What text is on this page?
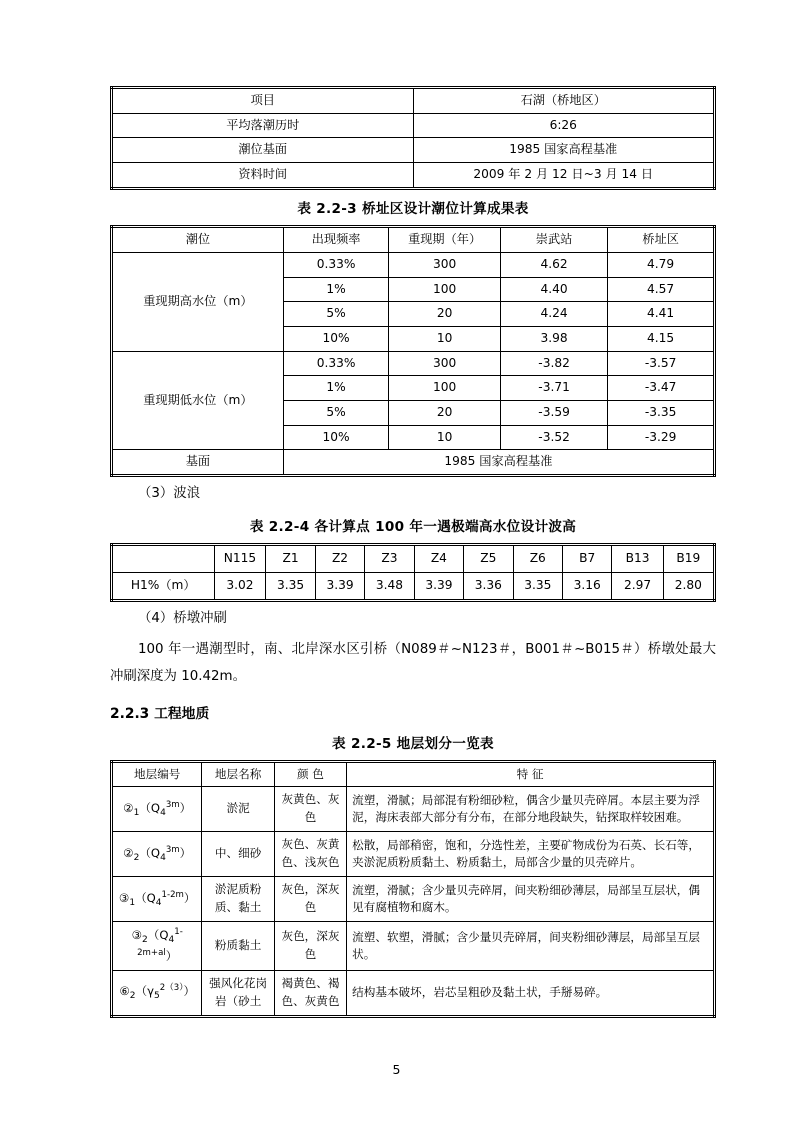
项目	石湖（桥地区）
平均落潮历时	6:26
潮位基面	1985 国家高程基准
资料时间	2009 年 2 月 12 日~3 月 14 日
表 2.2-3 桥址区设计潮位计算成果表
潮位	出现频率	重现期（年）	崇武站	桥址区
重现期高水位（m）	0.33%	300	4.62	4.79
	1%	100	4.40	4.57
	5%	20	4.24	4.41
	10%	10	3.98	4.15
重现期低水位（m）	0.33%	300	-3.82	-3.57
	1%	100	-3.71	-3.47
	5%	20	-3.59	-3.35
	10%	10	-3.52	-3.29
基面	1985 国家高程基准			
（3）波浪
表 2.2-4 各计算点 100 年一遇极端高水位设计波高
	N115	Z1	Z2	Z3	Z4	Z5	Z6	B7	B13	B19
H1%（m）	3.02	3.35	3.39	3.48	3.39	3.36	3.35	3.16	2.97	2.80
（4）桥墩冲刷
100 年一遇潮型时，南、北岸深水区引桥（N089＃~N123＃，B001＃~B015＃）桥墩处最大冲刷深度为 10.42m。
2.2.3 工程地质
表 2.2-5 地层划分一览表
地层编号	地层名称	颜 色	特 征
$②_1(Q_4^{3m})$	淤泥	灰黄色、灰色	流塑，滑腻；局部混有粉细砂粒，偶含少量贝壳碎屑。本层主要为浮泥，海床表部大部分有分布，在部分地段缺失，钻探取样较困难。
$②_2(Q_4^{3m})$	中、细砂	灰色、灰黄色、浅灰色	松散，局部稍密，饱和，分选性差，主要矿物成份为石英、长石等，夹淤泥质粉质黏土、粉质黏土，局部含少量的贝壳碎片。
$③_1(Q_4^{1-2m})$	淤泥质粉质、黏土	灰色，深灰色	流塑，滑腻；含少量贝壳碎屑，间夹粉细砂薄层，局部呈互层状，偶见有腐植物和腐木。
$③_2(Q_4^{1-2m+al})$	粉质黏土	灰色，深灰色	流塑、软塑，滑腻；含少量贝壳碎屑，间夹粉细砂薄层，局部呈互层状。
$⑥_2(\gamma_5^{2(3)})$	强风化花岗岩（砂土	褐黄色、褐色、灰黄色	结构基本破坏，岩芯呈粗砂及黏土状，手掰易碎。
5
